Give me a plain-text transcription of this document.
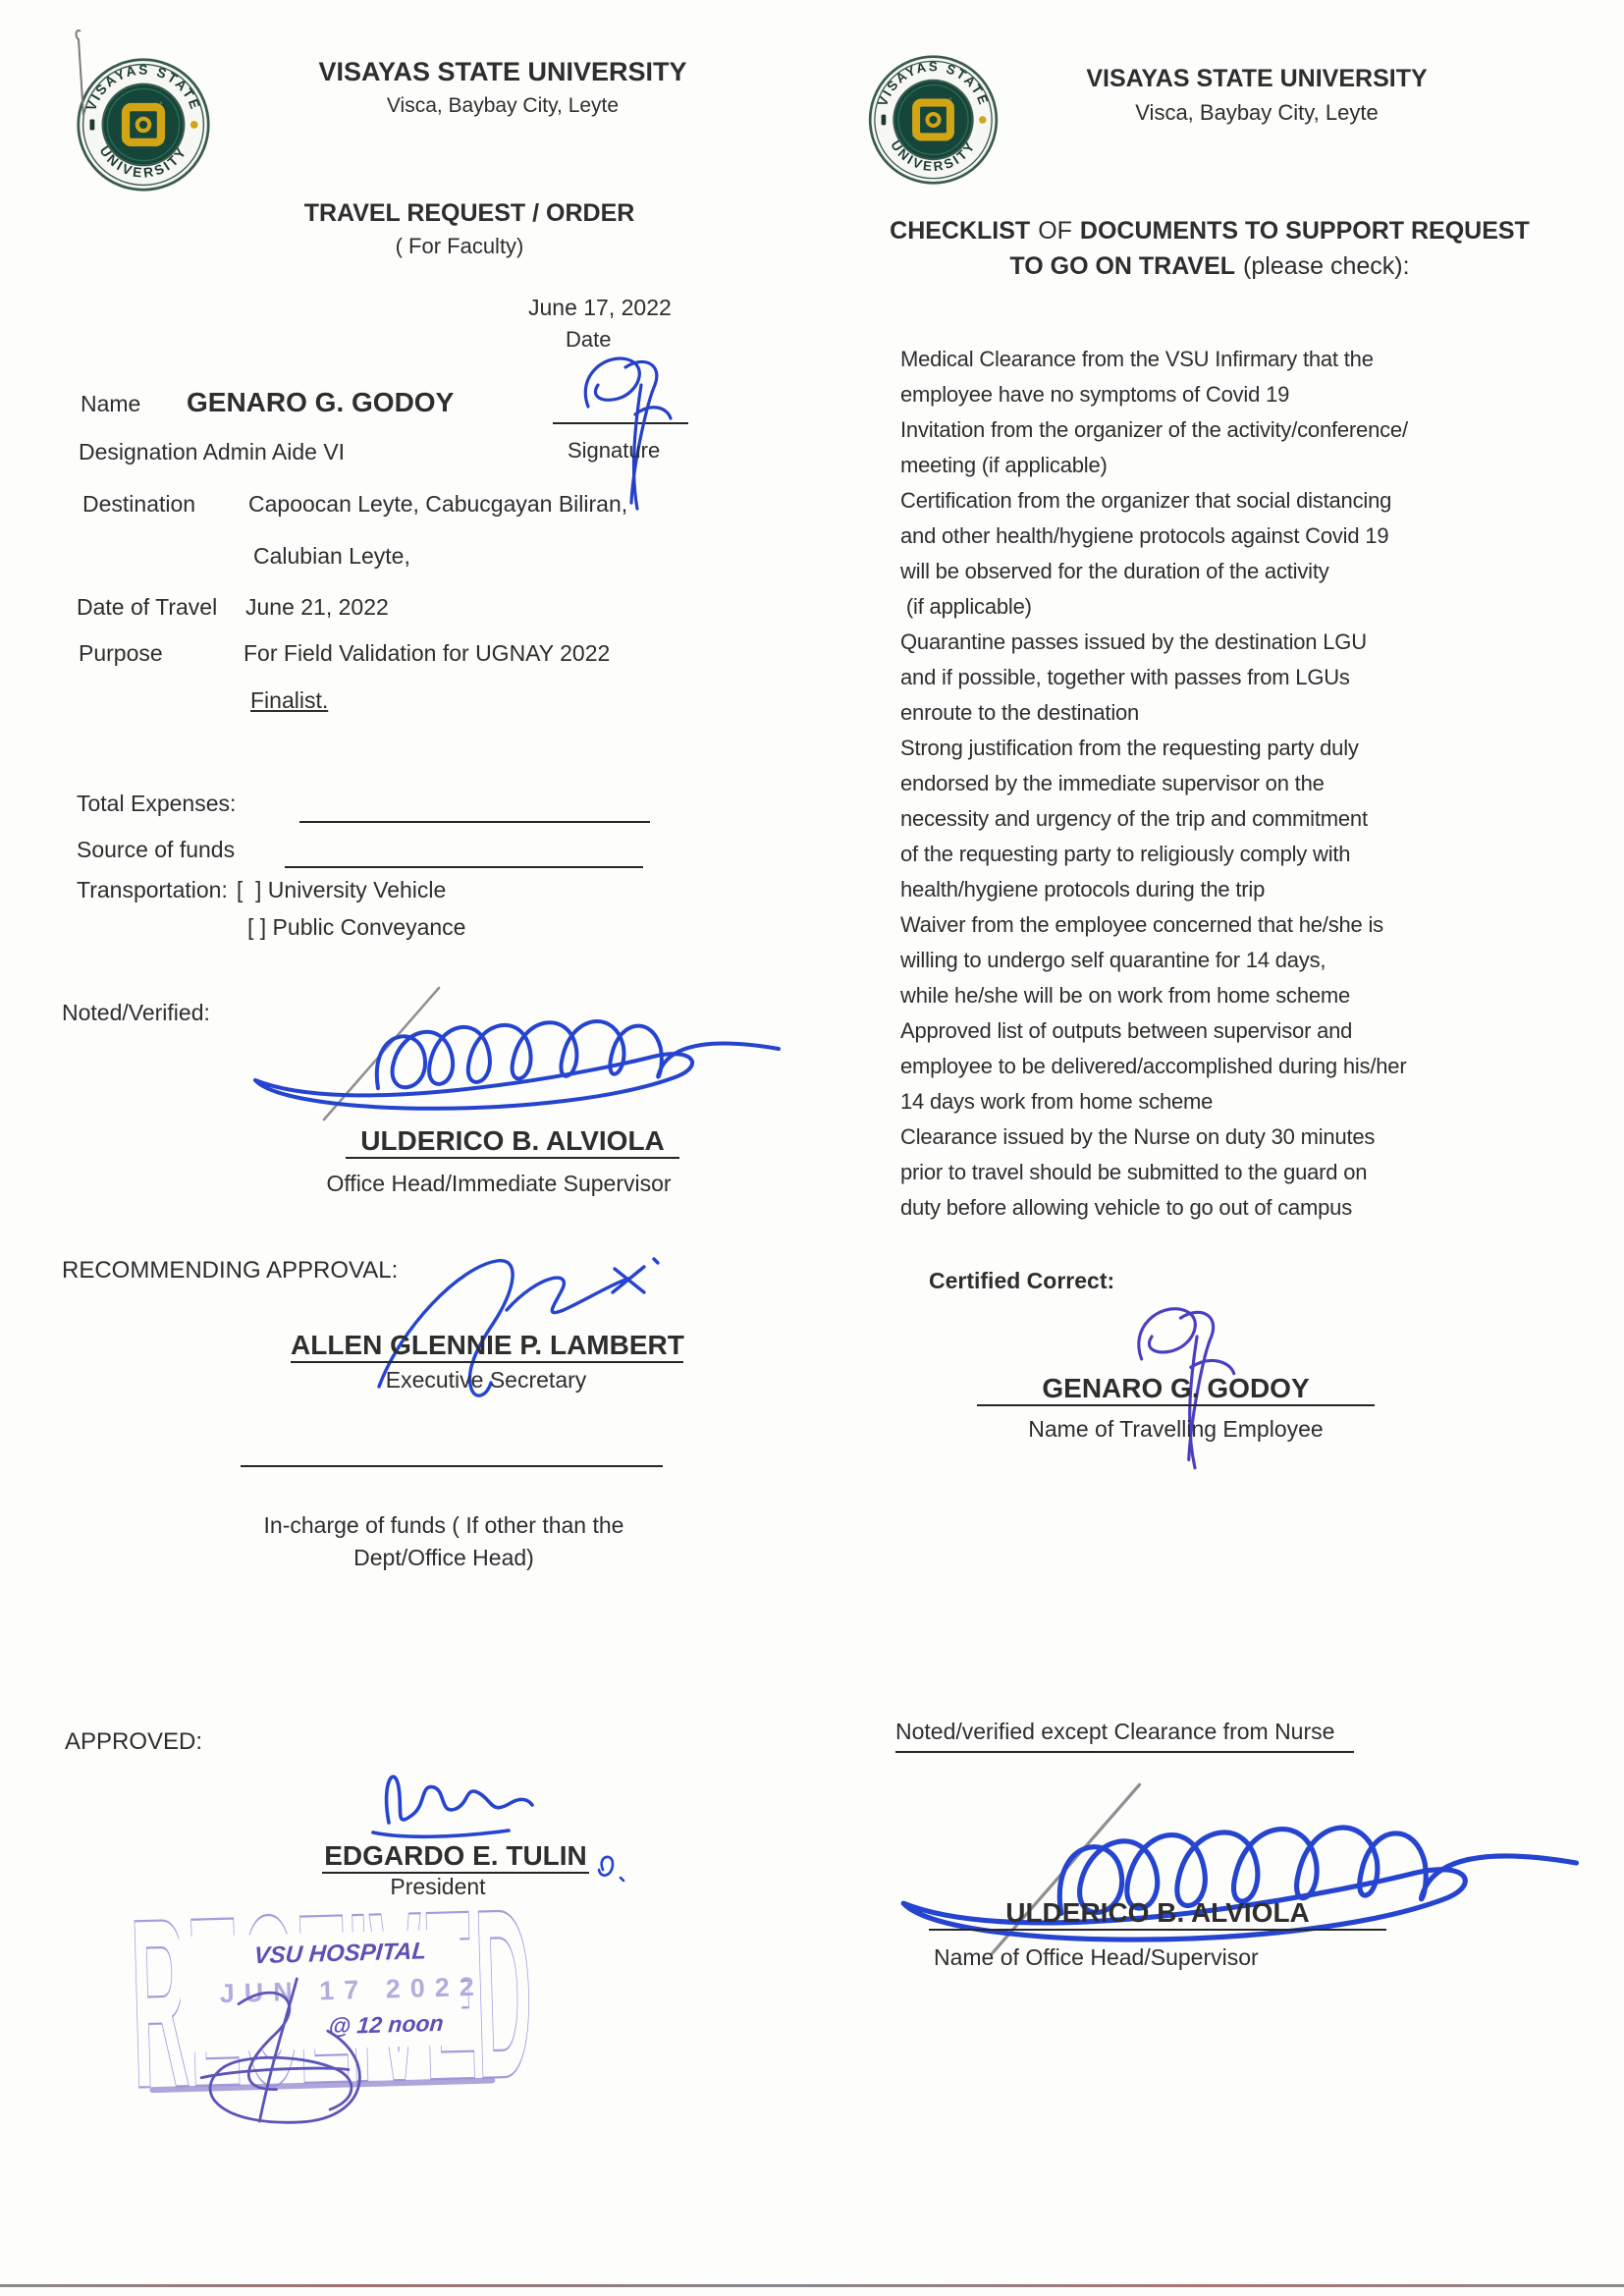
VISAYAS STATE UNIVERSITY
Visca, Baybay City, Leyte
TRAVEL REQUEST / ORDER
( For Faculty)
June 17, 2022
Date
Name GENARO G. GODOY
Signature
Designation Admin Aide VI
Destination Capoocan Leyte, Cabucgayan Biliran,
Calubian Leyte,
Date of Travel June 21, 2022
Purpose	For Field Validation for UGNAY 2022
Finalist.
Total Expenses:
Source of funds
Transportation: [  ] University Vehicle
[ ] Public Conveyance
Noted/Verified:
ULDERICO B. ALVIOLA
Office Head/Immediate Supervisor
RECOMMENDING APPROVAL:
ALLEN GLENNIE P. LAMBERT
Executive Secretary
In-charge of funds ( If other than the
Dept/Office Head)
APPROVED:
EDGARDO E. TULIN
President
VSU HOSPITAL
JUN 17 2022
@ 12 noon
VISAYAS STATE UNIVERSITY
Visca, Baybay City, Leyte
CHECKLIST OF DOCUMENTS TO SUPPORT REQUEST
TO GO ON TRAVEL (please check):
Medical Clearance from the VSU Infirmary that the
employee have no symptoms of Covid 19
Invitation from the organizer of the activity/conference/
meeting (if applicable)
Certification from the organizer that social distancing
and other health/hygiene protocols against Covid 19
will be observed for the duration of the activity
(if applicable)
Quarantine passes issued by the destination LGU
and if possible, together with passes from LGUs
enroute to the destination
Strong justification from the requesting party duly
endorsed by the immediate supervisor on the
necessity and urgency of the trip and commitment
of the requesting party to religiously comply with
health/hygiene protocols during the trip
Waiver from the employee concerned that he/she is
willing to undergo self quarantine for 14 days,
while he/she will be on work from home scheme
Approved list of outputs between supervisor and
employee to be delivered/accomplished during his/her
14 days work from home scheme
Clearance issued by the Nurse on duty 30 minutes
prior to travel should be submitted to the guard on
duty before allowing vehicle to go out of campus
Certified Correct:
GENARO G. GODOY
Name of Travelling Employee
Noted/verified except Clearance from Nurse
ULDERICO B. ALVIOLA
Name of Office Head/Supervisor
